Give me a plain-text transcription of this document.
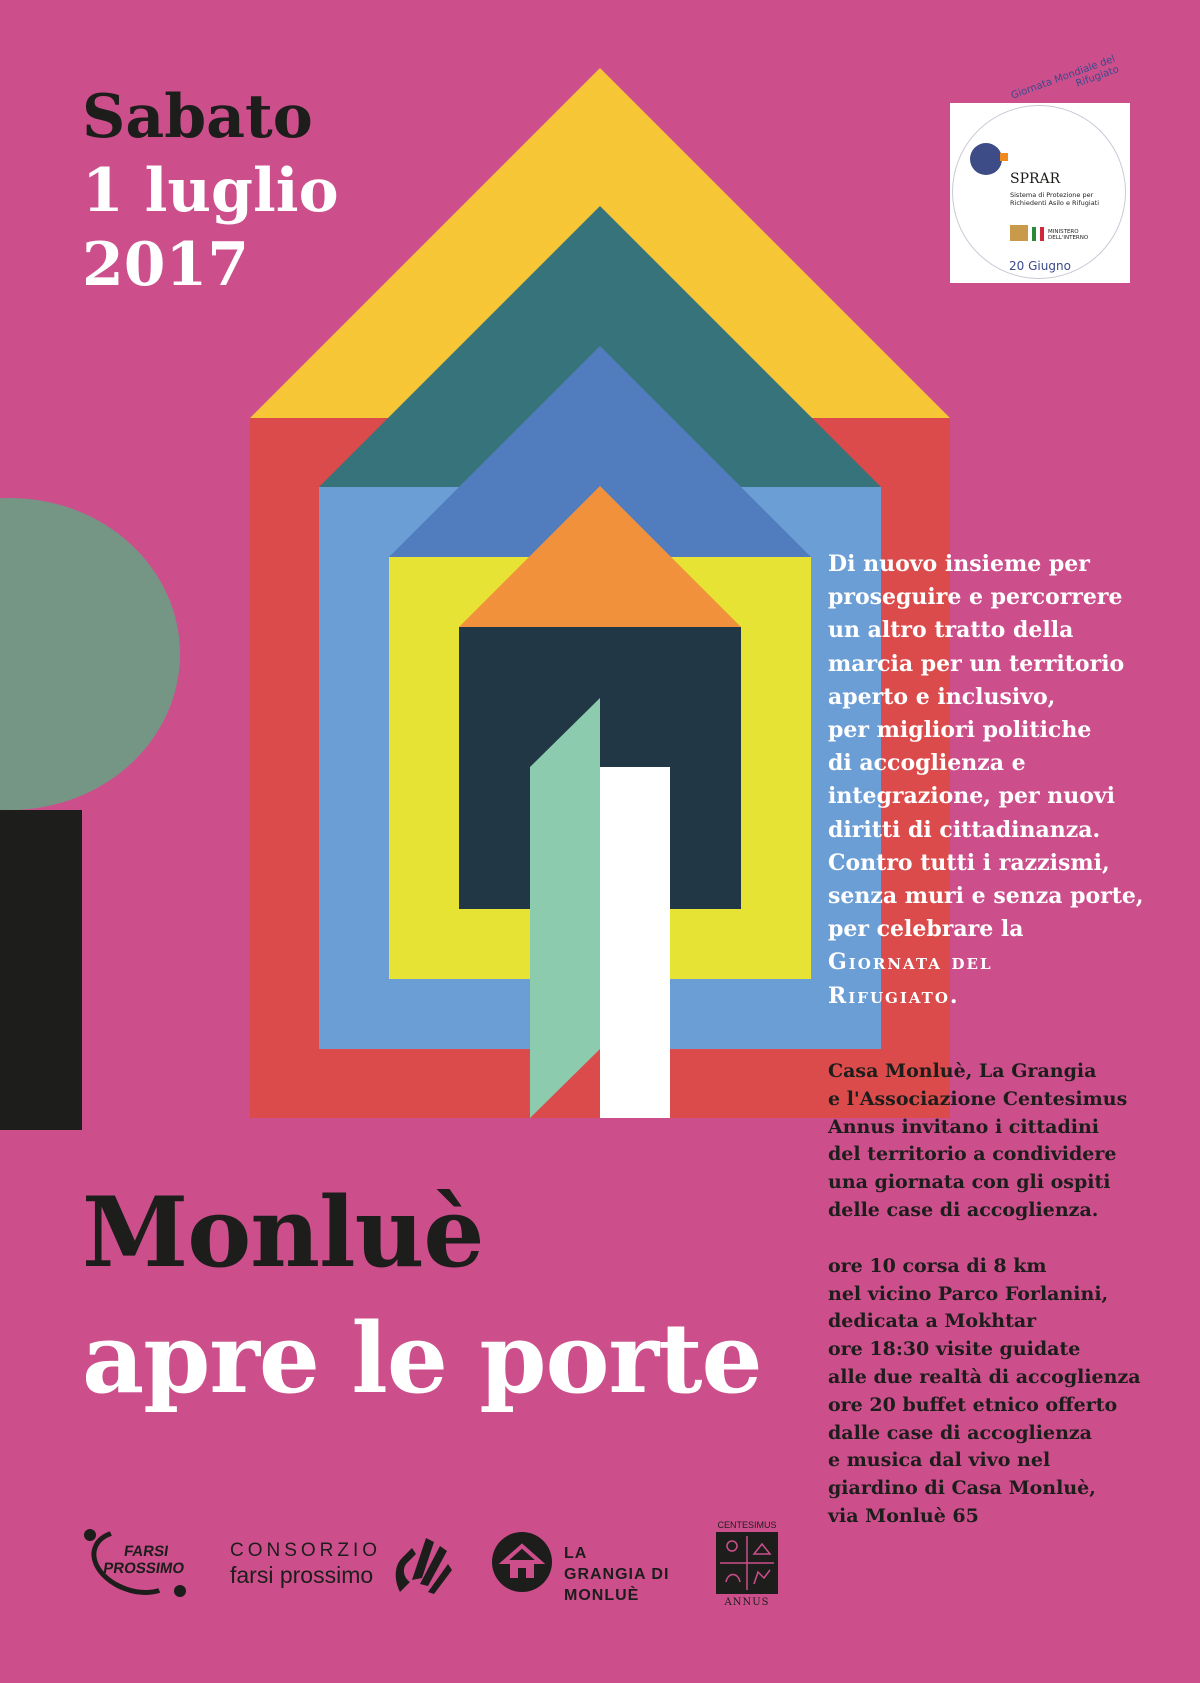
Sabato
1 luglio
2017
Giornata Mondiale del Rifugiato
SPRAR
Sistema di Protezione per Richiedenti Asilo e Rifugiati
MINISTERO DELL'INTERNO
20 Giugno
Di nuovo insieme per
proseguire e percorrere
un altro tratto della
marcia per un territorio
aperto e inclusivo,
per migliori politiche
di accoglienza e
integrazione, per nuovi
diritti di cittadinanza.
Contro tutti i razzismi,
senza muri e senza porte,
per celebrare la
Giornata del
Rifugiato.

Casa Monluè, La Grangia
e l'Associazione Centesimus
Annus invitano i cittadini
del territorio a condividere
una giornata con gli ospiti
delle case di accoglienza.

ore 10 corsa di 8 km
nel vicino Parco Forlanini,
dedicata a Mokhtar
ore 18:30 visite guidate
alle due realtà di accoglienza
ore 20 buffet etnico offerto
dalle case di accoglienza
e musica dal vivo nel
giardino di Casa Monluè,
via Monluè 65

Monluè
apre le porte
FARSI PROSSIMO
CONSORZIO
farsi prossimo
LA GRANGIA DI MONLUÈ
CENTESIMUS
ANNUS
